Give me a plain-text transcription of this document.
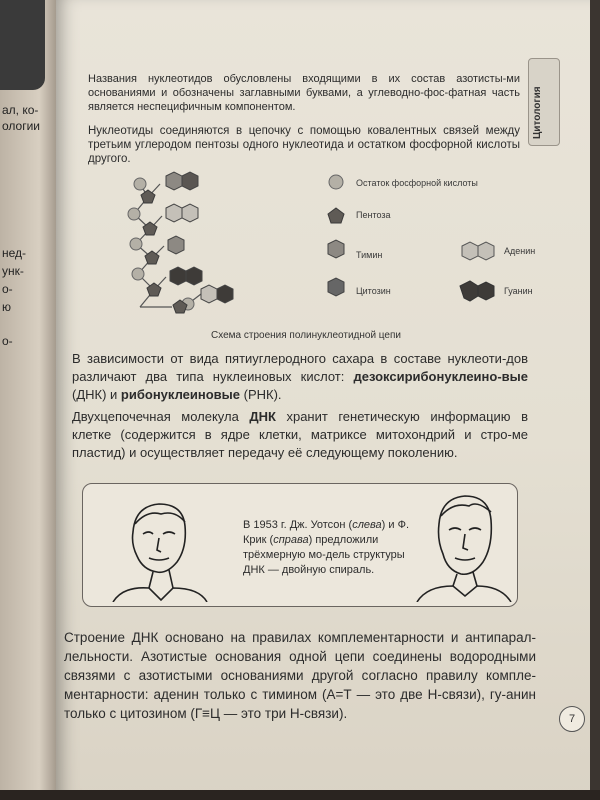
ал, ко-
ологии
нед-
унк-
о-
ю
о-
Цитология

Названия нуклеотидов обусловлены входящими в их состав азотисты-ми основаниями и обозначены заглавными буквами, а углеводно-фос-фатная часть является неспецифичным компонентом.

Нуклеотиды соединяются в цепочку с помощью ковалентных связей между третьим углеродом пентозы одного нуклеотида и остатком фосфорной кислоты другого.

Остаток фосфорной кислоты
Пентоза
Тимин
Цитозин
Аденин
Гуанин
Схема строения полинуклеотидной цепи

В зависимости от вида пятиуглеродного сахара в составе нуклеоти-дов различают два типа нуклеиновых кислот: дезоксирибонуклеино-вые (ДНК) и рибонуклеиновые (РНК).

Двухцепочечная молекула ДНК хранит генетическую информацию в клетке (содержится в ядре клетки, матриксе митохондрий и стро-ме пластид) и осуществляет передачу её следующему поколению.

В 1953 г. Дж. Уотсон (слева) и Ф. Крик (справа) предложили трёхмерную мо-дель структуры ДНК — двойную спираль.

Строение ДНК основано на правилах комплементарности и антипарал-лельности. Азотистые основания одной цепи соединены водородными связями с азотистыми основаниями другой согласно правилу компле-ментарности: аденин только с тимином (А=Т — это две Н-связи), гу-анин только с цитозином (Г≡Ц — это три Н-связи).	7
